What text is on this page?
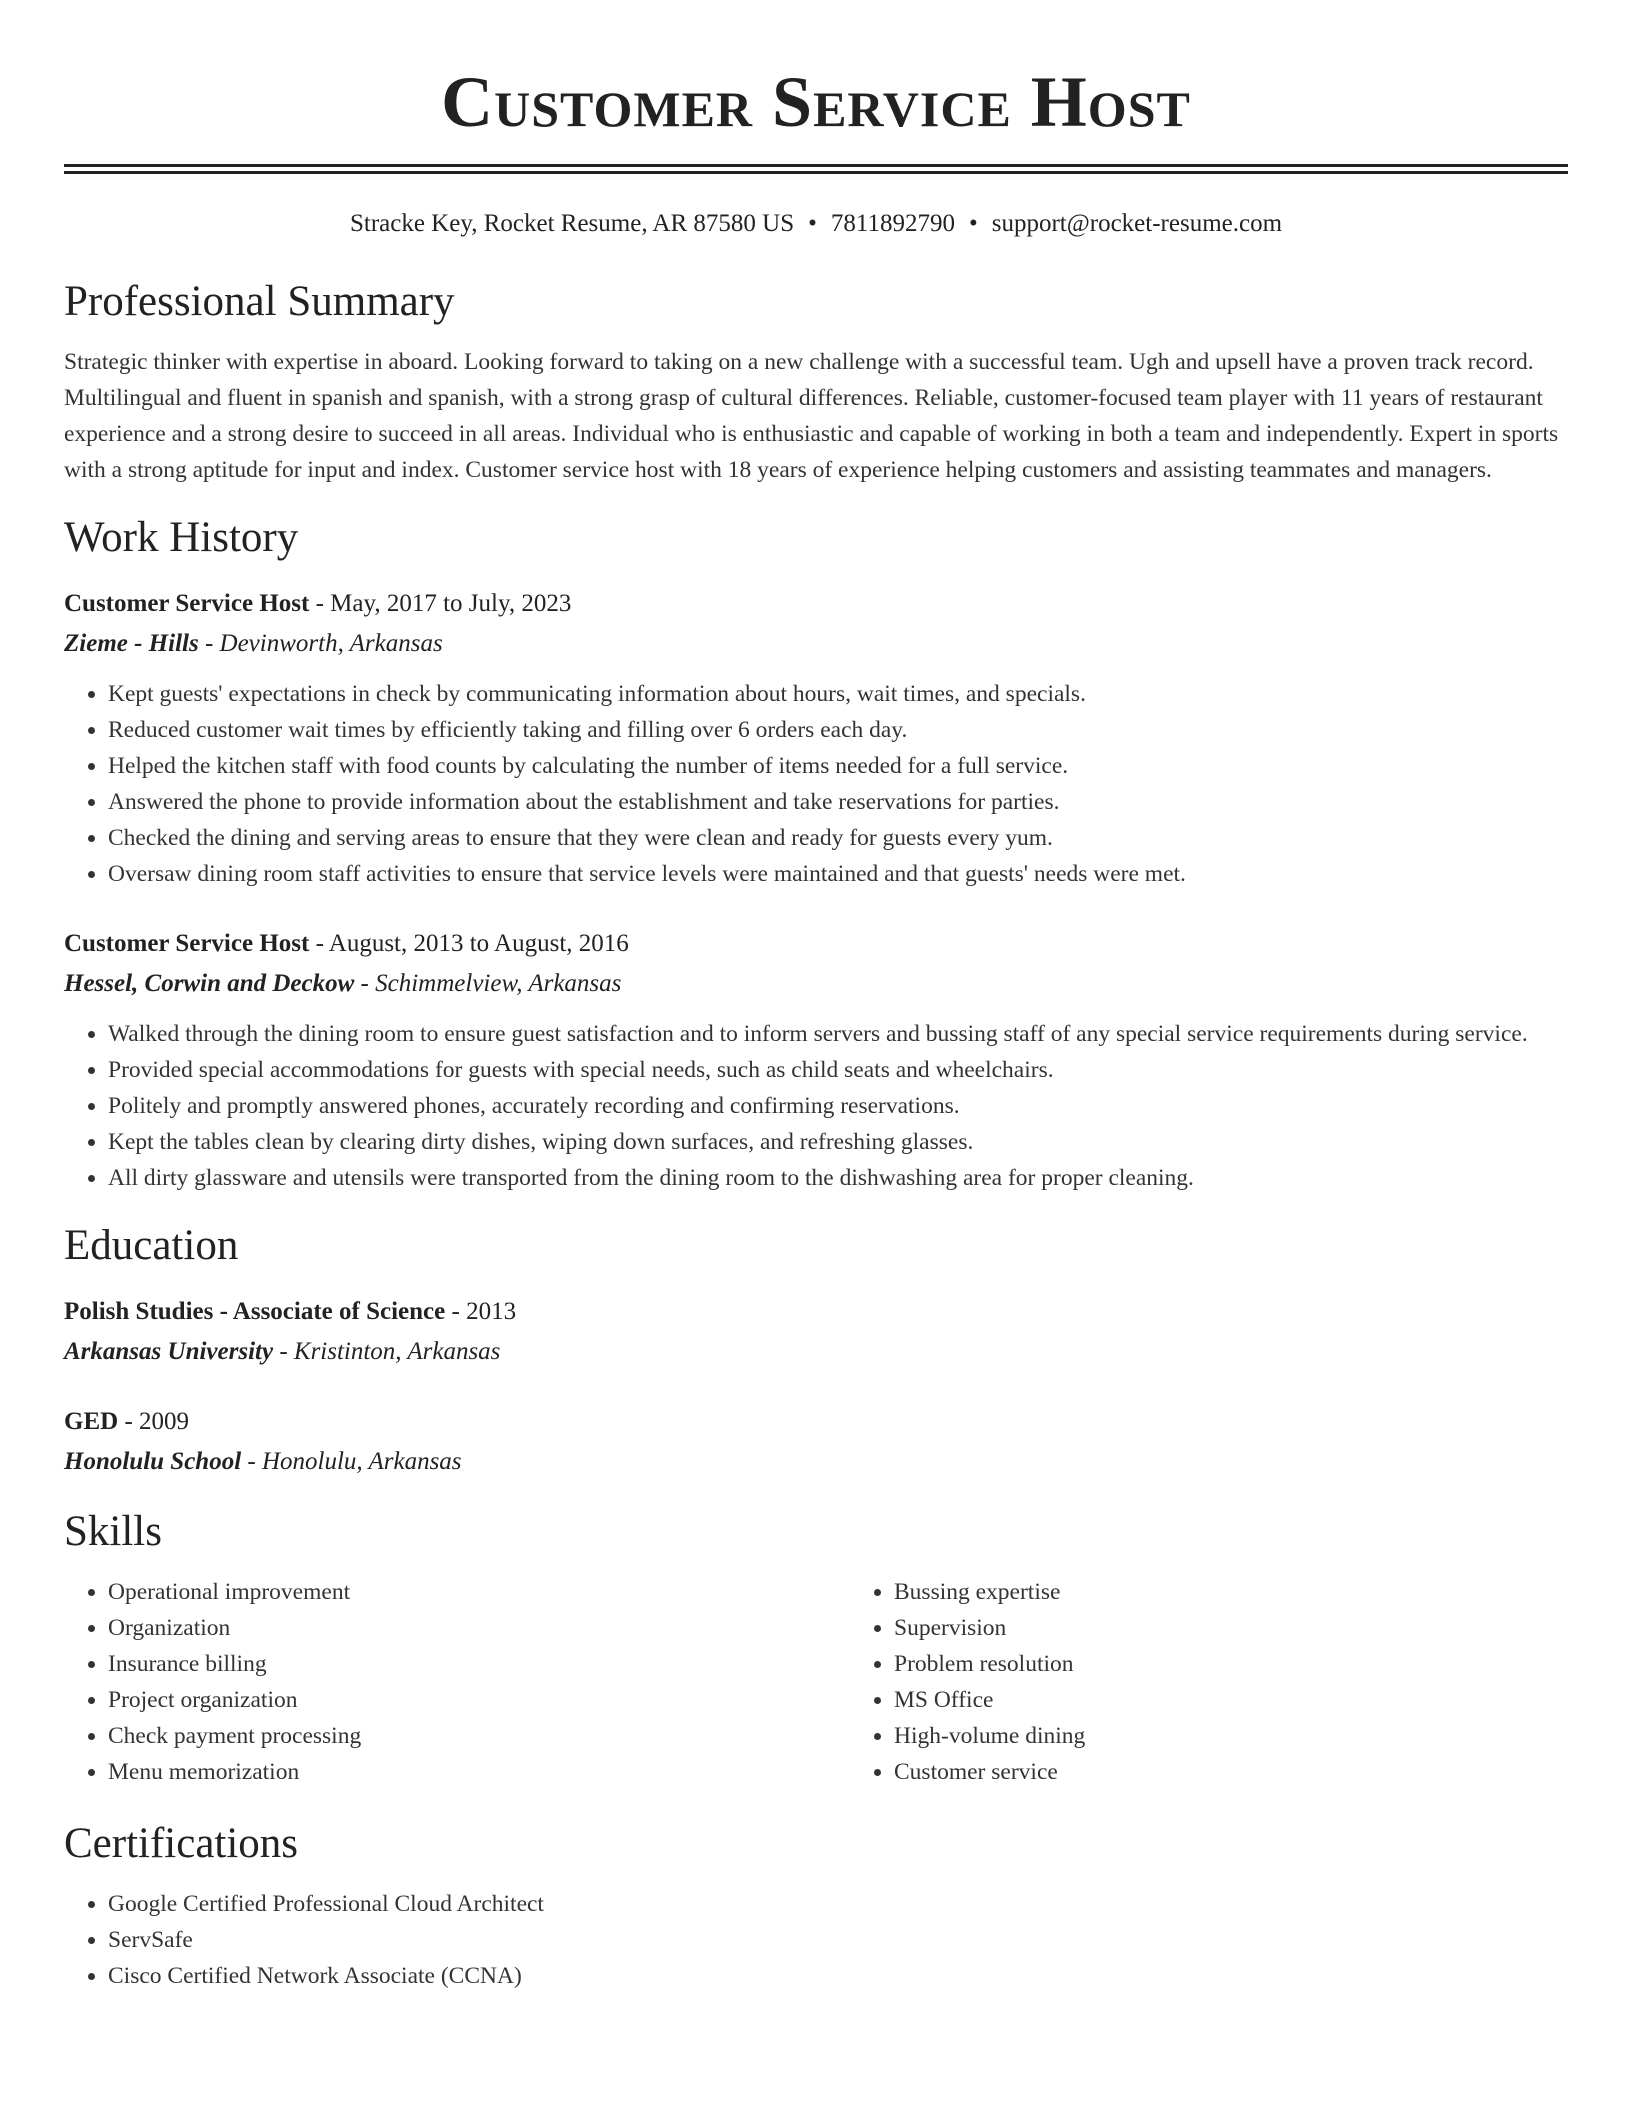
Customer Service Host
Stracke Key, Rocket Resume, AR 87580 US • 7811892790 • support@rocket-resume.com
Professional Summary

Strategic thinker with expertise in aboard. Looking forward to taking on a new challenge with a successful team. Ugh and upsell have a proven track record. Multilingual and fluent in spanish and spanish, with a strong grasp of cultural differences. Reliable, customer-focused team player with 11 years of restaurant experience and a strong desire to succeed in all areas. Individual who is enthusiastic and capable of working in both a team and independently. Expert in sports with a strong aptitude for input and index. Customer service host with 18 years of experience helping customers and assisting teammates and managers.

Work History

Customer Service Host - May, 2017 to July, 2023

Zieme - Hills - Devinworth, Arkansas

• Kept guests' expectations in check by communicating information about hours, wait times, and specials.
• Reduced customer wait times by efficiently taking and filling over 6 orders each day.
• Helped the kitchen staff with food counts by calculating the number of items needed for a full service.
• Answered the phone to provide information about the establishment and take reservations for parties.
• Checked the dining and serving areas to ensure that they were clean and ready for guests every yum.
• Oversaw dining room staff activities to ensure that service levels were maintained and that guests' needs were met.

Customer Service Host - August, 2013 to August, 2016

Hessel, Corwin and Deckow - Schimmelview, Arkansas

• Walked through the dining room to ensure guest satisfaction and to inform servers and bussing staff of any special service requirements during service.
• Provided special accommodations for guests with special needs, such as child seats and wheelchairs.
• Politely and promptly answered phones, accurately recording and confirming reservations.
• Kept the tables clean by clearing dirty dishes, wiping down surfaces, and refreshing glasses.
• All dirty glassware and utensils were transported from the dining room to the dishwashing area for proper cleaning.
Education

Polish Studies - Associate of Science - 2013

Arkansas University - Kristinton, Arkansas

GED - 2009

Honolulu School - Honolulu, Arkansas

Skills
• Operational improvement
• Organization
• Insurance billing
• Project organization
• Check payment processing
• Menu memorization
• Bussing expertise
• Supervision
• Problem resolution
• MS Office
• High-volume dining
• Customer service
Certifications
• Google Certified Professional Cloud Architect
• ServSafe
• Cisco Certified Network Associate (CCNA)
